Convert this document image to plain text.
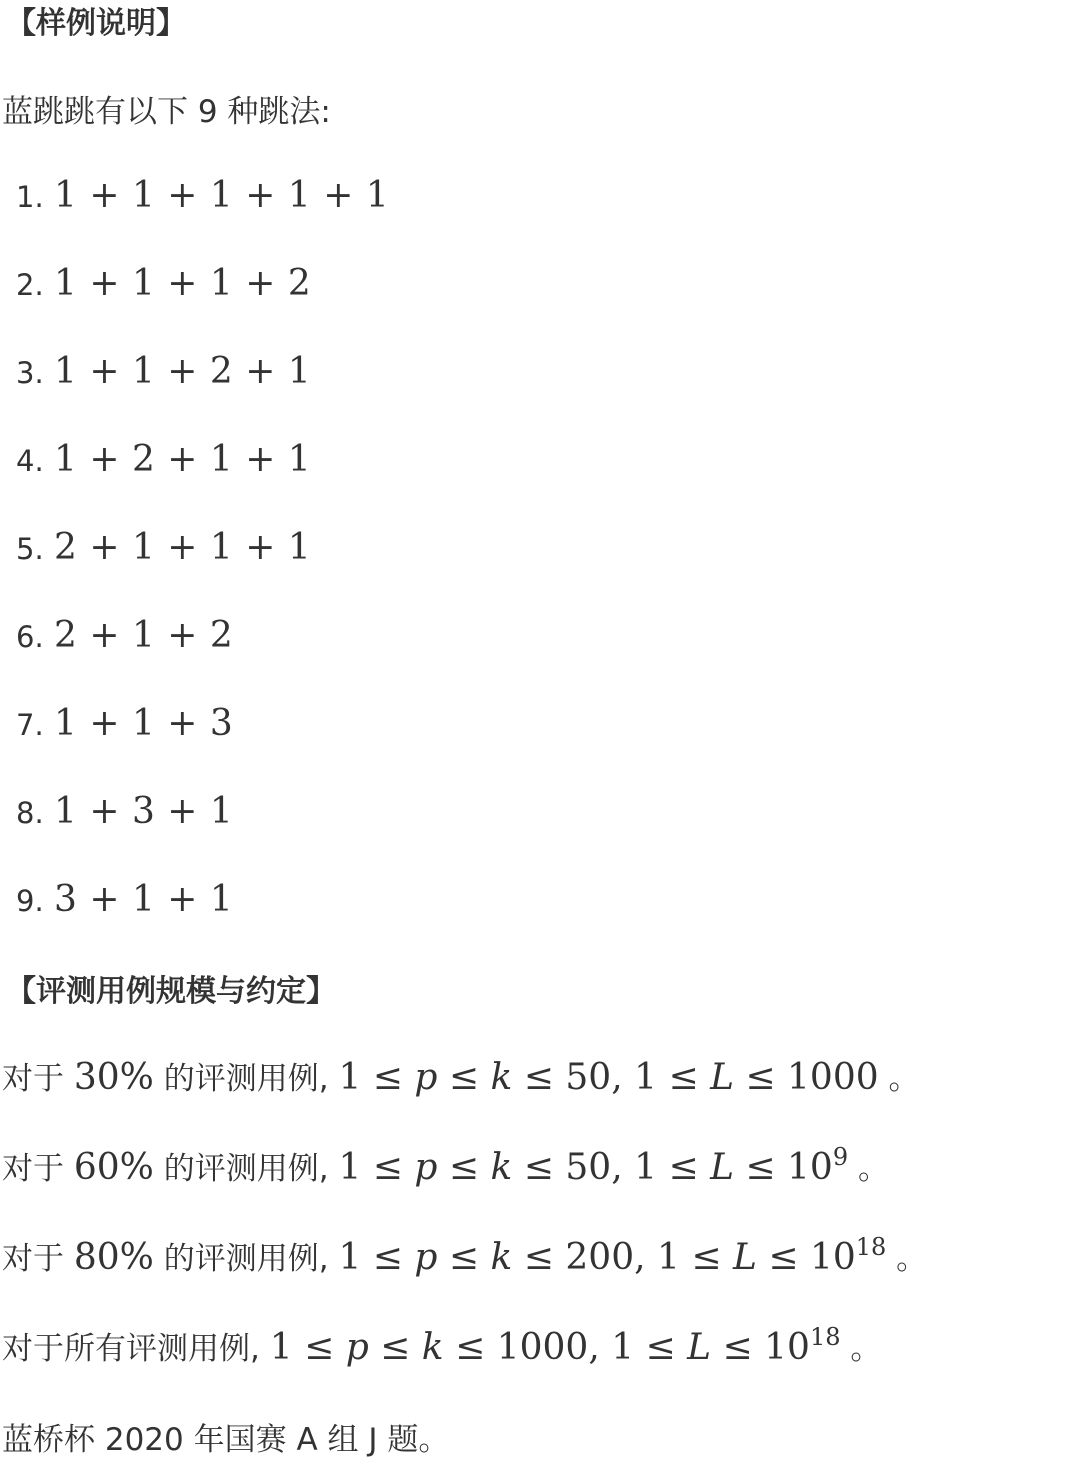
【样例说明】
蓝跳跳有以下 9 种跳法:
1. 1 + 1 + 1 + 1 + 1
2. 1 + 1 + 1 + 2
3. 1 + 1 + 2 + 1
4. 1 + 2 + 1 + 1
5. 2 + 1 + 1 + 1
6. 2 + 1 + 2
7. 1 + 1 + 3
8. 1 + 3 + 1
9. 3 + 1 + 1
【评测用例规模与约定】
对于 30% 的评测用例, 1 ≤ p ≤ k ≤ 50, 1 ≤ L ≤ 1000 。
对于 60% 的评测用例, 1 ≤ p ≤ k ≤ 50, $1 \le L \le 10^9$ 。
对于 80% 的评测用例, 1 ≤ p ≤ k ≤ 200, $1 \le L \le 10^{18}$ 。
对于所有评测用例, 1 ≤ p ≤ k ≤ 1000, $1 \le L \le 10^{18}$ 。
蓝桥杯 2020 年国赛 A 组 J 题。
